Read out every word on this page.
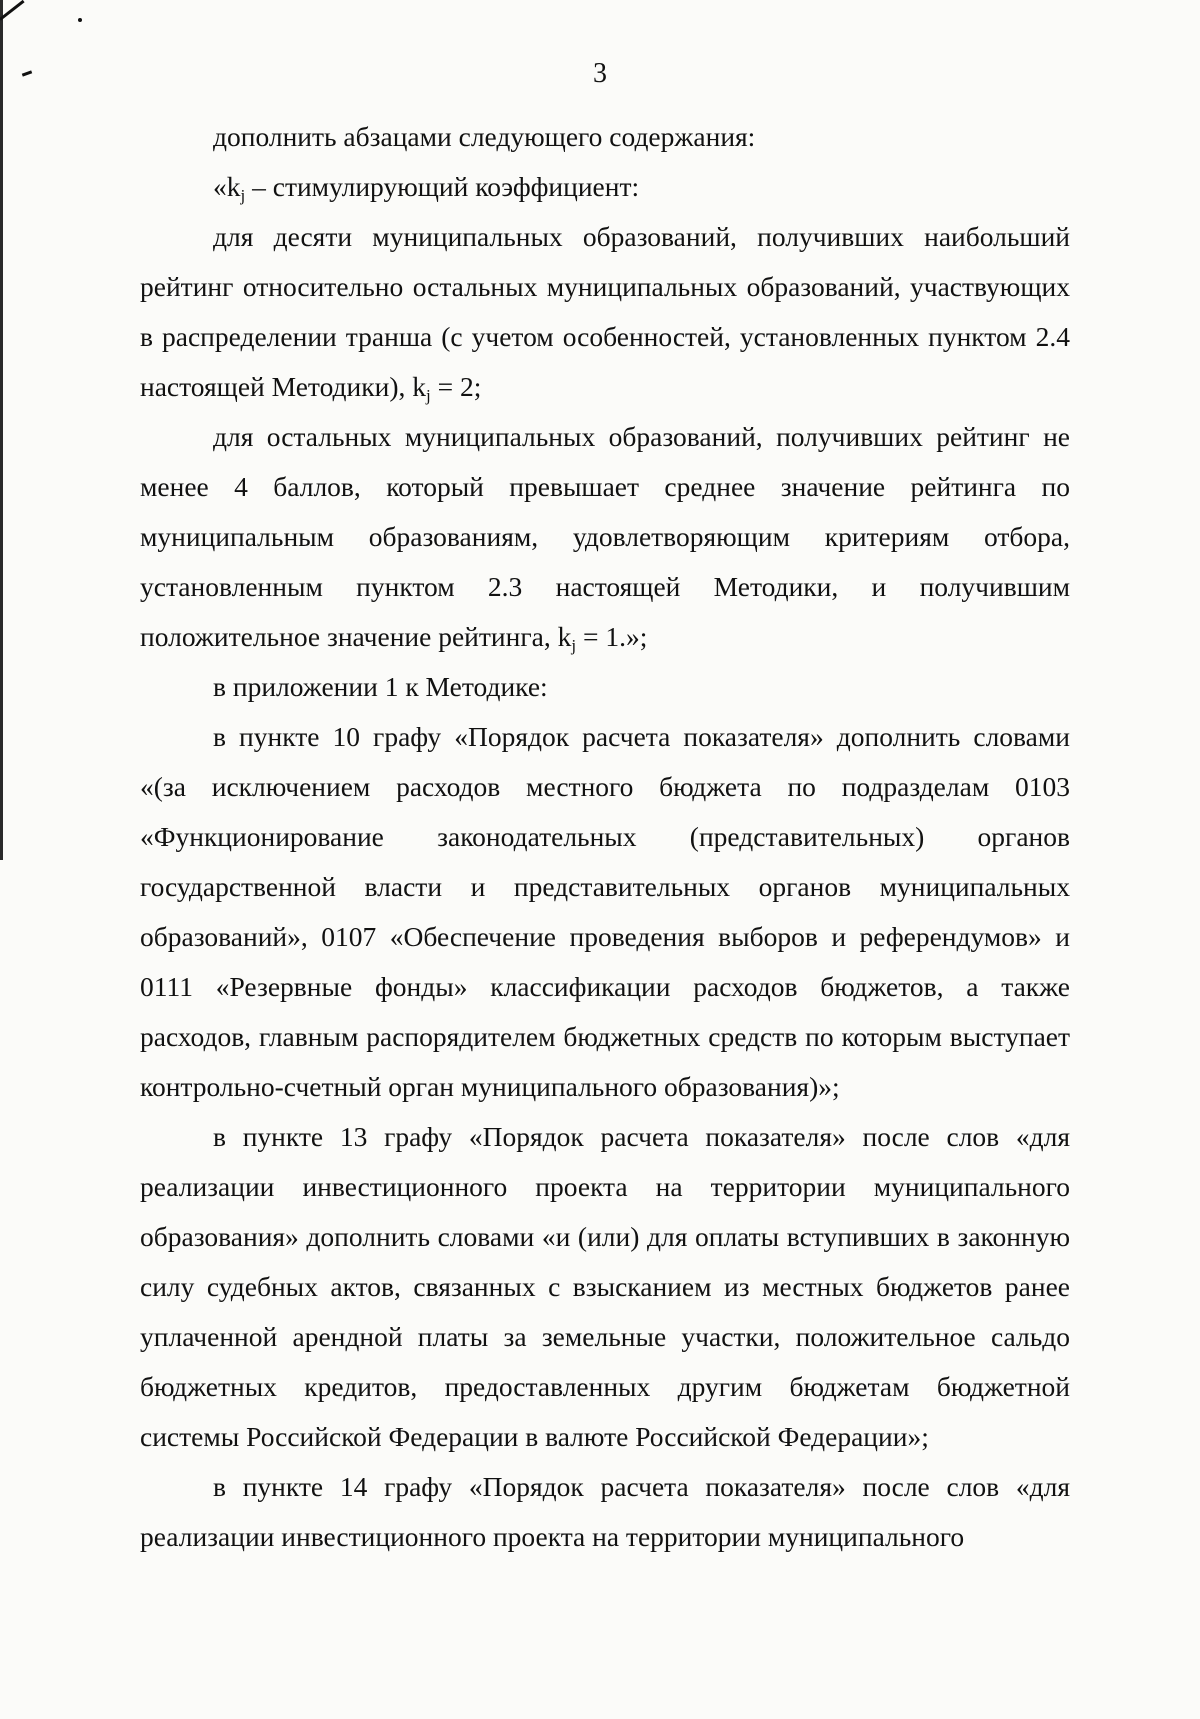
3

дополнить абзацами следующего содержания:

«$k_j$ – стимулирующий коэффициент:

для десяти муниципальных образований, получивших наибольший рейтинг относительно остальных муниципальных образований, участвующих в распределении транша (с учетом особенностей, установленных пунктом 2.4 настоящей Методики), $k_j = 2$;

для остальных муниципальных образований, получивших рейтинг не менее 4 баллов, который превышает среднее значение рейтинга по муниципальным образованиям, удовлетворяющим критериям отбора, установленным пунктом 2.3 настоящей Методики, и получившим положительное значение рейтинга, $k_j = 1$.»;

в приложении 1 к Методике:

в пункте 10 графу «Порядок расчета показателя» дополнить словами «(за исключением расходов местного бюджета по подразделам 0103 «Функционирование законодательных (представительных) органов государственной власти и представительных органов муниципальных образований», 0107 «Обеспечение проведения выборов и референдумов» и 0111 «Резервные фонды» классификации расходов бюджетов, а также расходов, главным распорядителем бюджетных средств по которым выступает контрольно-счетный орган муниципального образования)»;

в пункте 13 графу «Порядок расчета показателя» после слов «для реализации инвестиционного проекта на территории муниципального образования» дополнить словами «и (или) для оплаты вступивших в законную силу судебных актов, связанных с взысканием из местных бюджетов ранее уплаченной арендной платы за земельные участки, положительное сальдо бюджетных кредитов, предоставленных другим бюджетам бюджетной системы Российской Федерации в валюте Российской Федерации»;

в пункте 14 графу «Порядок расчета показателя» после слов «для реализации инвестиционного проекта на территории муниципального
